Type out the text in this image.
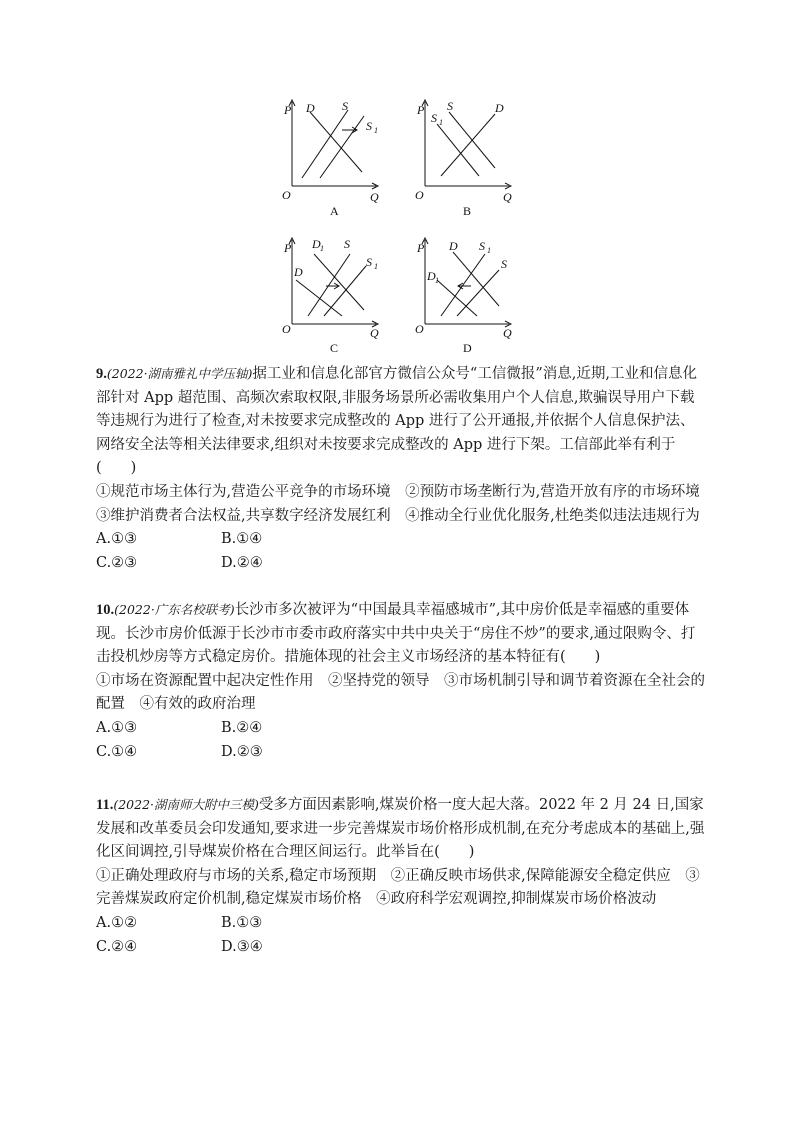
P D S
S 1
O	Q
A
P
S 1
S	D
O	Q
B
P D 1 S
D
S 1
O	Q
C
P D S 1
D 1
S
O	Q
D

9.(2022·湖南雅礼中学压轴)据工业和信息化部官方微信公众号“工信微报”消息,近期,工业和信息化部针对 App 超范围、高频次索取权限,非服务场景所必需收集用户个人信息,欺骗误导用户下载等违规行为进行了检查,对未按要求完成整改的 App 进行了公开通报,并依据个人信息保护法、网络安全法等相关法律要求,组织对未按要求完成整改的 App 进行下架。工信部此举有利于(　　)

①规范市场主体行为,营造公平竞争的市场环境　②预防市场垄断行为,营造开放有序的市场环境　③维护消费者合法权益,共享数字经济发展红利　④推动全行业优化服务,杜绝类似违法违规行为

A.①③	B.①④
C.②③	D.②④

10.(2022·广东名校联考)长沙市多次被评为“中国最具幸福感城市”,其中房价低是幸福感的重要体现。长沙市房价低源于长沙市市委市政府落实中共中央关于“房住不炒”的要求,通过限购令、打击投机炒房等方式稳定房价。措施体现的社会主义市场经济的基本特征有(　　)

①市场在资源配置中起决定性作用　②坚持党的领导　③市场机制引导和调节着资源在全社会的配置　④有效的政府治理

A.①③	B.②④
C.①④	D.②③

11.(2022·湖南师大附中三模)受多方面因素影响,煤炭价格一度大起大落。2022 年 2 月 24 日,国家发展和改革委员会印发通知,要求进一步完善煤炭市场价格形成机制,在充分考虑成本的基础上,强化区间调控,引导煤炭价格在合理区间运行。此举旨在(　　)

①正确处理政府与市场的关系,稳定市场预期　②正确反映市场供求,保障能源安全稳定供应　③完善煤炭政府定价机制,稳定煤炭市场价格　④政府科学宏观调控,抑制煤炭市场价格波动

A.①②	B.①③
C.②④	D.③④
